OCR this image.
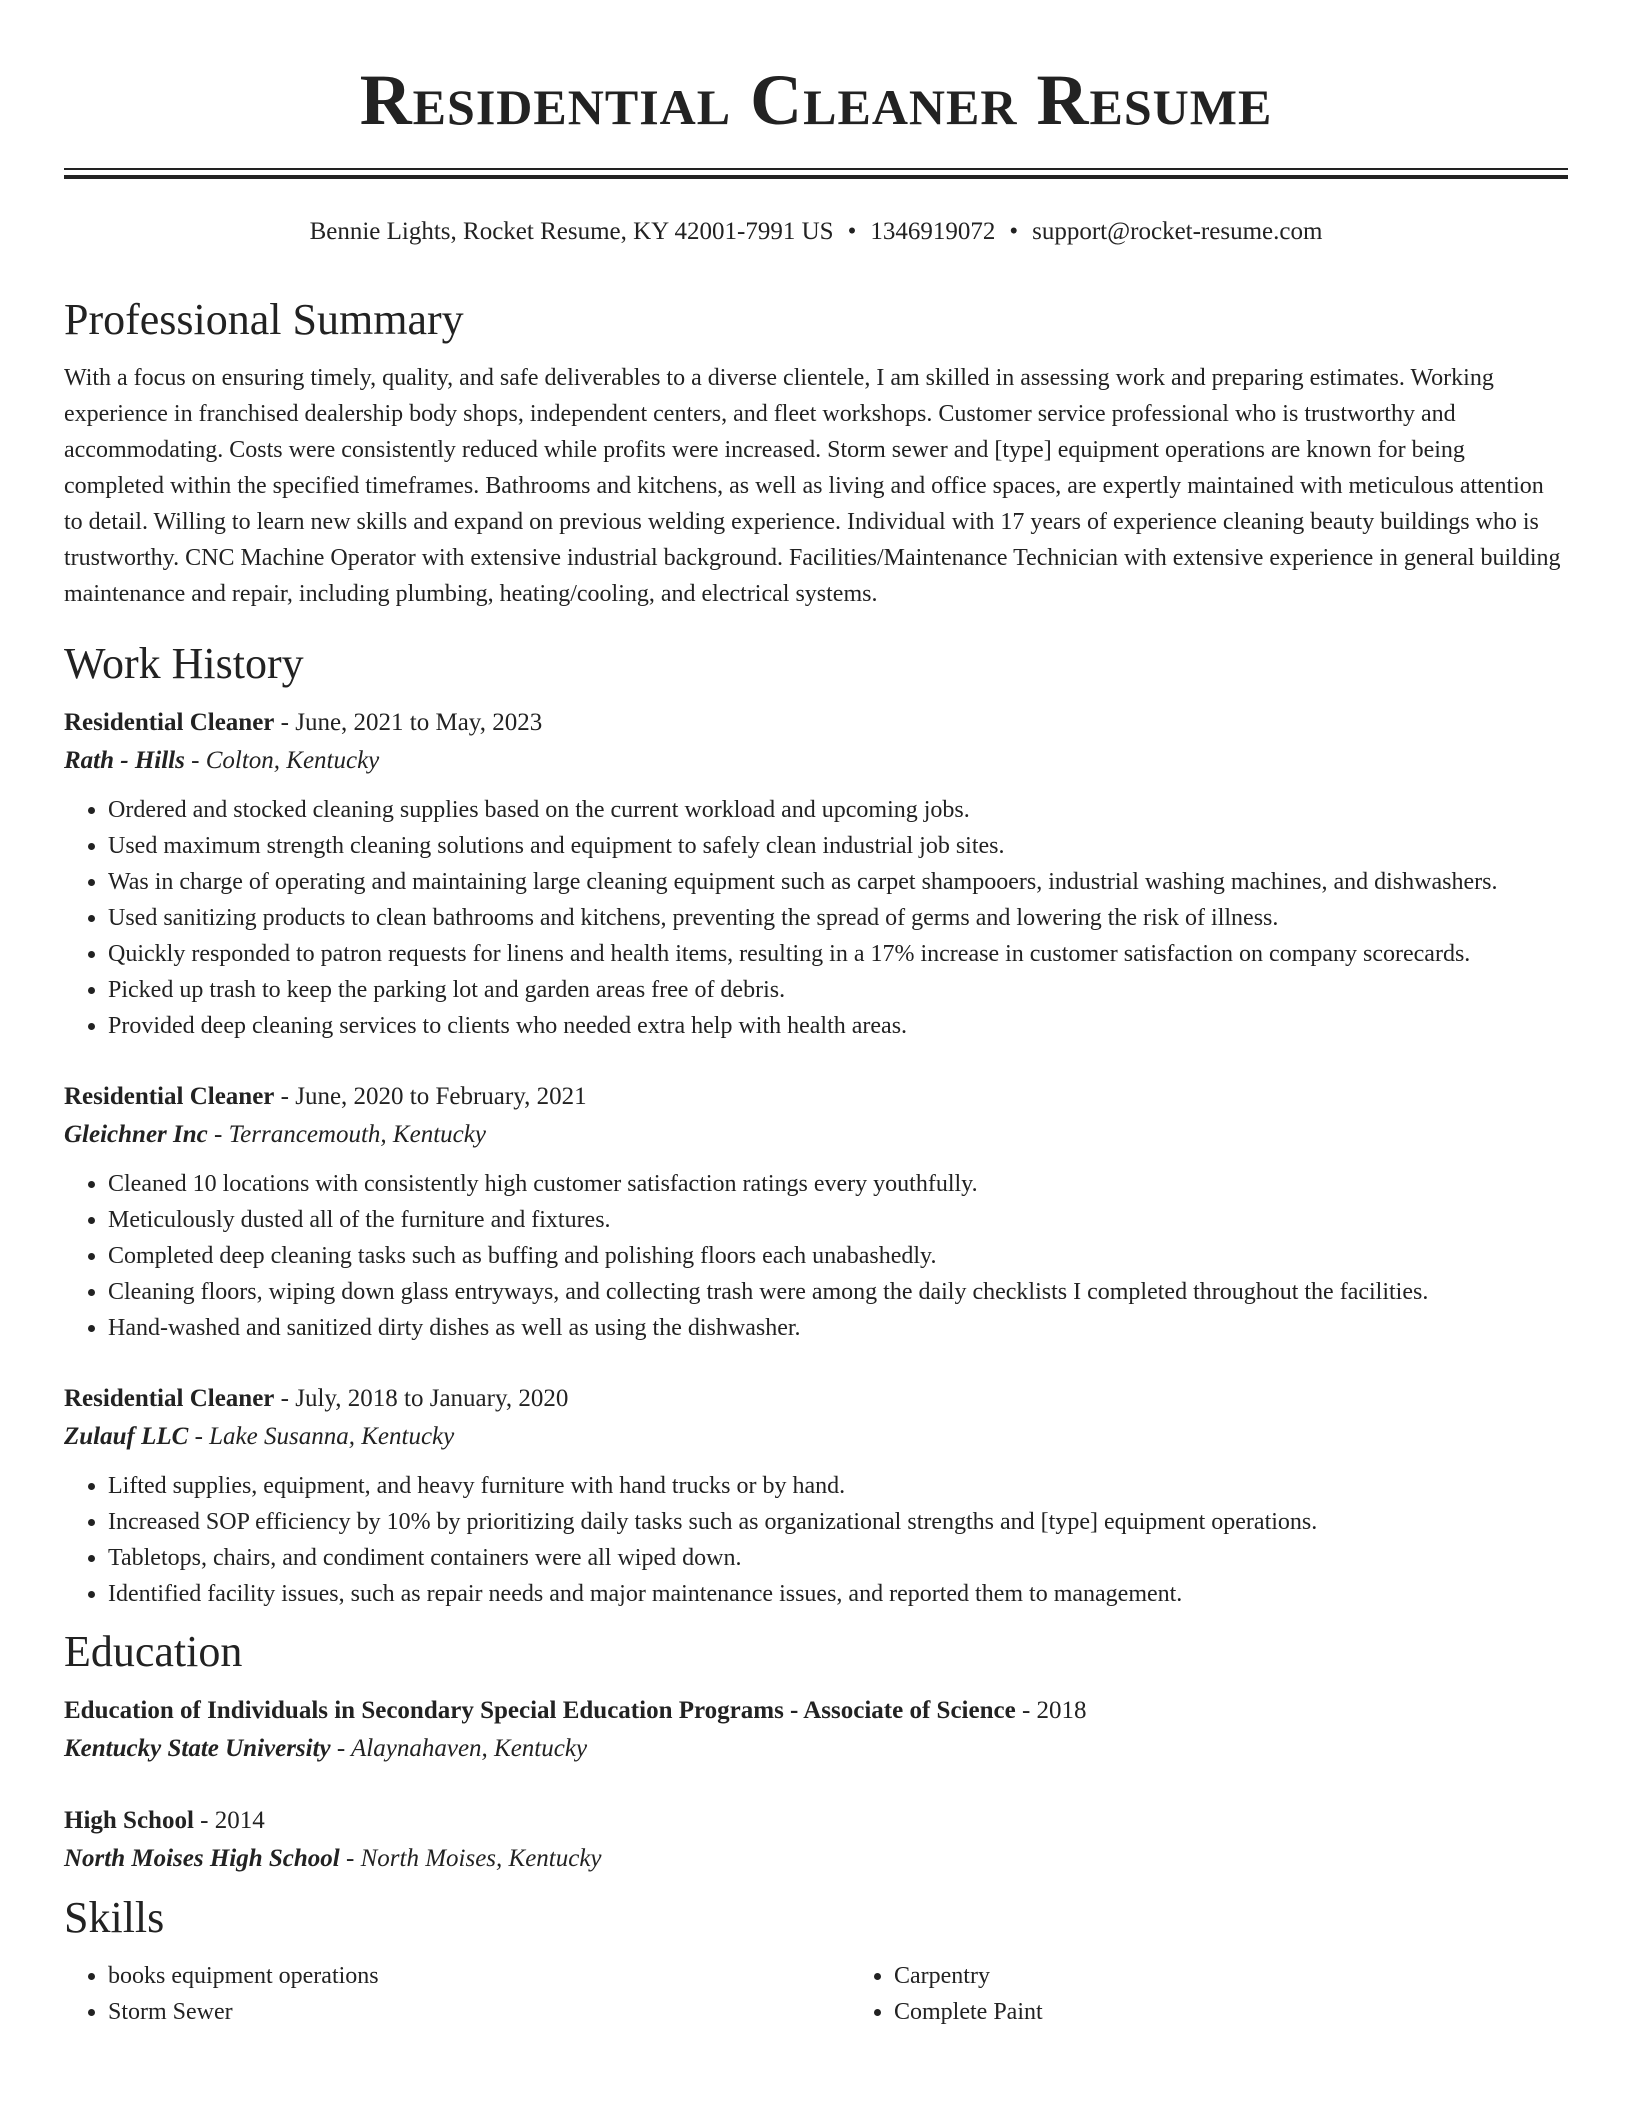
Residential Cleaner Resume
Bennie Lights, Rocket Resume, KY 42001-7991 US • 1346919072 • support@rocket-resume.com
Professional Summary

With a focus on ensuring timely, quality, and safe deliverables to a diverse clientele, I am skilled in assessing work and preparing estimates. Working experience in franchised dealership body shops, independent centers, and fleet workshops. Customer service professional who is trustworthy and accommodating. Costs were consistently reduced while profits were increased. Storm sewer and [type] equipment operations are known for being completed within the specified timeframes. Bathrooms and kitchens, as well as living and office spaces, are expertly maintained with meticulous attention to detail. Willing to learn new skills and expand on previous welding experience. Individual with 17 years of experience cleaning beauty buildings who is trustworthy. CNC Machine Operator with extensive industrial background. Facilities/Maintenance Technician with extensive experience in general building maintenance and repair, including plumbing, heating/cooling, and electrical systems.

Work History
Residential Cleaner - June, 2021 to May, 2023
Rath - Hills - Colton, Kentucky
• Ordered and stocked cleaning supplies based on the current workload and upcoming jobs.
• Used maximum strength cleaning solutions and equipment to safely clean industrial job sites.
• Was in charge of operating and maintaining large cleaning equipment such as carpet shampooers, industrial washing machines, and dishwashers.
• Used sanitizing products to clean bathrooms and kitchens, preventing the spread of germs and lowering the risk of illness.
• Quickly responded to patron requests for linens and health items, resulting in a 17% increase in customer satisfaction on company scorecards.
• Picked up trash to keep the parking lot and garden areas free of debris.
• Provided deep cleaning services to clients who needed extra help with health areas.
Residential Cleaner - June, 2020 to February, 2021
Gleichner Inc - Terrancemouth, Kentucky
• Cleaned 10 locations with consistently high customer satisfaction ratings every youthfully.
• Meticulously dusted all of the furniture and fixtures.
• Completed deep cleaning tasks such as buffing and polishing floors each unabashedly.
• Cleaning floors, wiping down glass entryways, and collecting trash were among the daily checklists I completed throughout the facilities.
• Hand-washed and sanitized dirty dishes as well as using the dishwasher.
Residential Cleaner - July, 2018 to January, 2020
Zulauf LLC - Lake Susanna, Kentucky
• Lifted supplies, equipment, and heavy furniture with hand trucks or by hand.
• Increased SOP efficiency by 10% by prioritizing daily tasks such as organizational strengths and [type] equipment operations.
• Tabletops, chairs, and condiment containers were all wiped down.
• Identified facility issues, such as repair needs and major maintenance issues, and reported them to management.
Education
Education of Individuals in Secondary Special Education Programs - Associate of Science - 2018
Kentucky State University - Alaynahaven, Kentucky
High School - 2014
North Moises High School - North Moises, Kentucky
Skills
• books equipment operations
• Storm Sewer
• Carpentry
• Complete Paint
